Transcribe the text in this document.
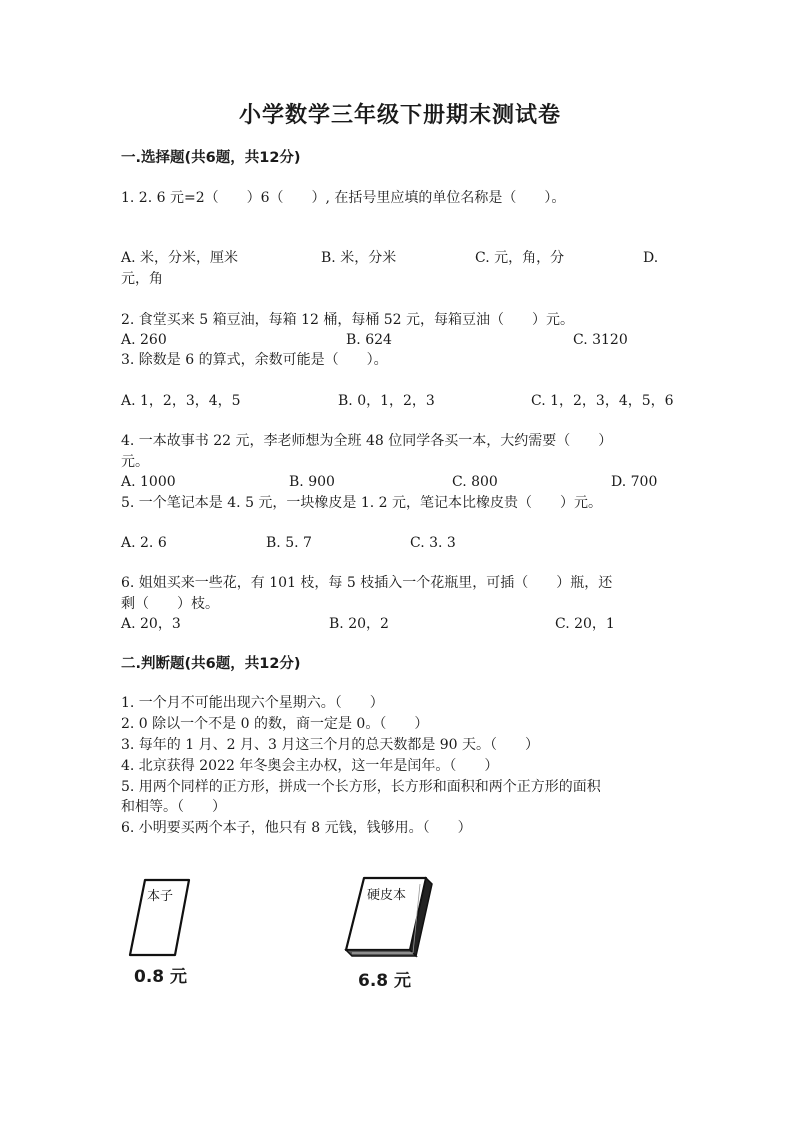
小学数学三年级下册期末测试卷
一.选择题(共6题，共12分)
1. 2. 6 元=2（　　）6（　　）, 在括号里应填的单位名称是（　　）。
A. 米，分米，厘米	B. 米，分米	C. 元，角，分	D.
元，角
2. 食堂买来 5 箱豆油，每箱 12 桶，每桶 52 元，每箱豆油（　　）元。
A. 260	B. 624	C. 3120
3. 除数是 6 的算式，余数可能是（　　）。
A. 1，2，3，4，5	B. 0，1，2，3	C. 1，2，3，4，5，6
4. 一本故事书 22 元，李老师想为全班 48 位同学各买一本，大约需要（　　）
元。
A. 1000	B. 900	C. 800	D. 700
5. 一个笔记本是 4. 5 元，一块橡皮是 1. 2 元，笔记本比橡皮贵（　　）元。
A. 2. 6	B. 5. 7	C. 3. 3
6. 姐姐买来一些花，有 101 枝，每 5 枝插入一个花瓶里，可插（　　）瓶，还
剩（　　）枝。
A. 20，3	B. 20，2	C. 20，1
二.判断题(共6题，共12分)
1. 一个月不可能出现六个星期六。（　　）
2. 0 除以一个不是 0 的数，商一定是 0。（　　）
3. 每年的 1 月、2 月、3 月这三个月的总天数都是 90 天。（　　）
4. 北京获得 2022 年冬奥会主办权，这一年是闰年。（　　）
5. 用两个同样的正方形，拼成一个长方形，长方形和面积和两个正方形的面积
和相等。（　　）
6. 小明要买两个本子，他只有 8 元钱，钱够用。（　　）
本子
0.8 元
硬皮本
6.8 元
